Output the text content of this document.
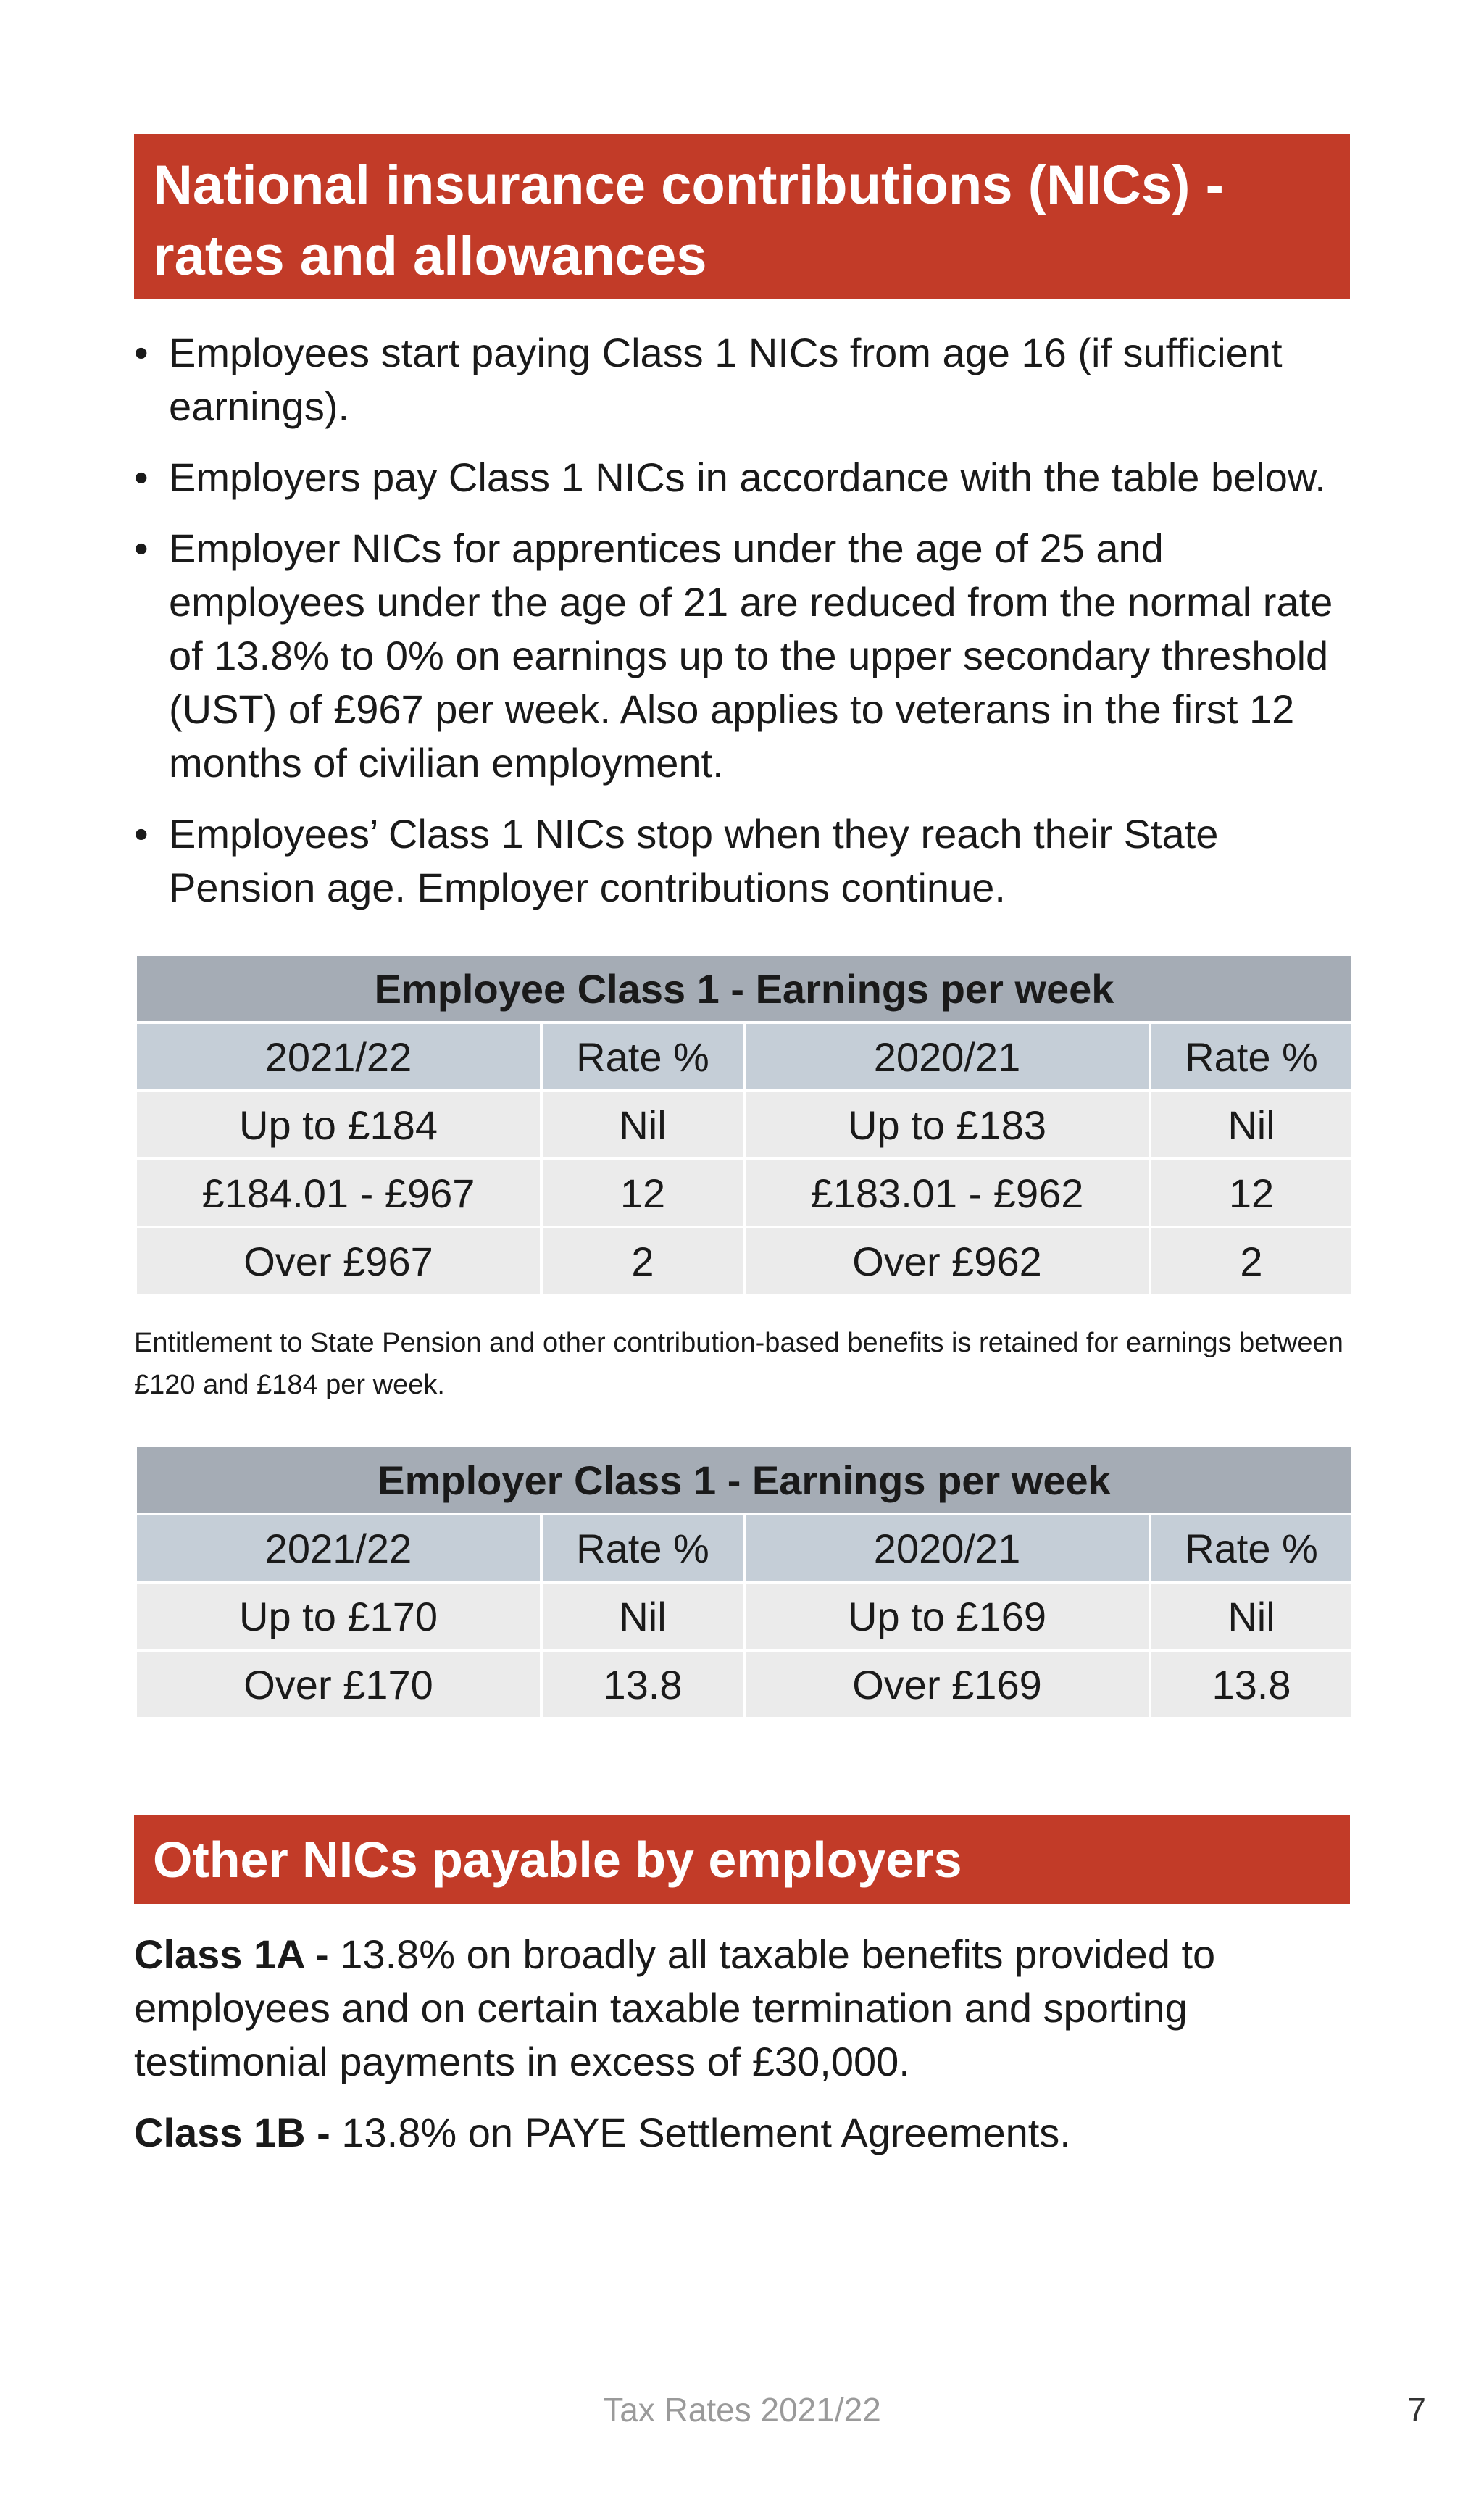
National insurance contributions (NICs) -
rates and allowances
• Employees start paying Class 1 NICs from age 16 (if sufficient earnings).
• Employers pay Class 1 NICs in accordance with the table below.
• Employer NICs for apprentices under the age of 25 and employees under the age of 21 are reduced from the normal rate of 13.8% to 0% on earnings up to the upper secondary threshold (UST) of £967 per week. Also applies to veterans in the first 12 months of civilian employment.
• Employees’ Class 1 NICs stop when they reach their State Pension age. Employer contributions continue.
Employee Class 1 - Earnings per week			
2021/22	Rate %	2020/21	Rate %
Up to £184	Nil	Up to £183	Nil
£184.01 - £967	12	£183.01 - £962	12
Over £967	2	Over £962	2

Entitlement to State Pension and other contribution-based benefits is retained for earnings between £120 and £184 per week.

Employer Class 1 - Earnings per week			
2021/22	Rate %	2020/21	Rate %
Up to £170	Nil	Up to £169	Nil
Over £170	13.8	Over £169	13.8
Other NICs payable by employers

Class 1A - 13.8% on broadly all taxable benefits provided to employees and on certain taxable termination and sporting testimonial payments in excess of £30,000.

Class 1B - 13.8% on PAYE Settlement Agreements.

Tax Rates 2021/22	7
